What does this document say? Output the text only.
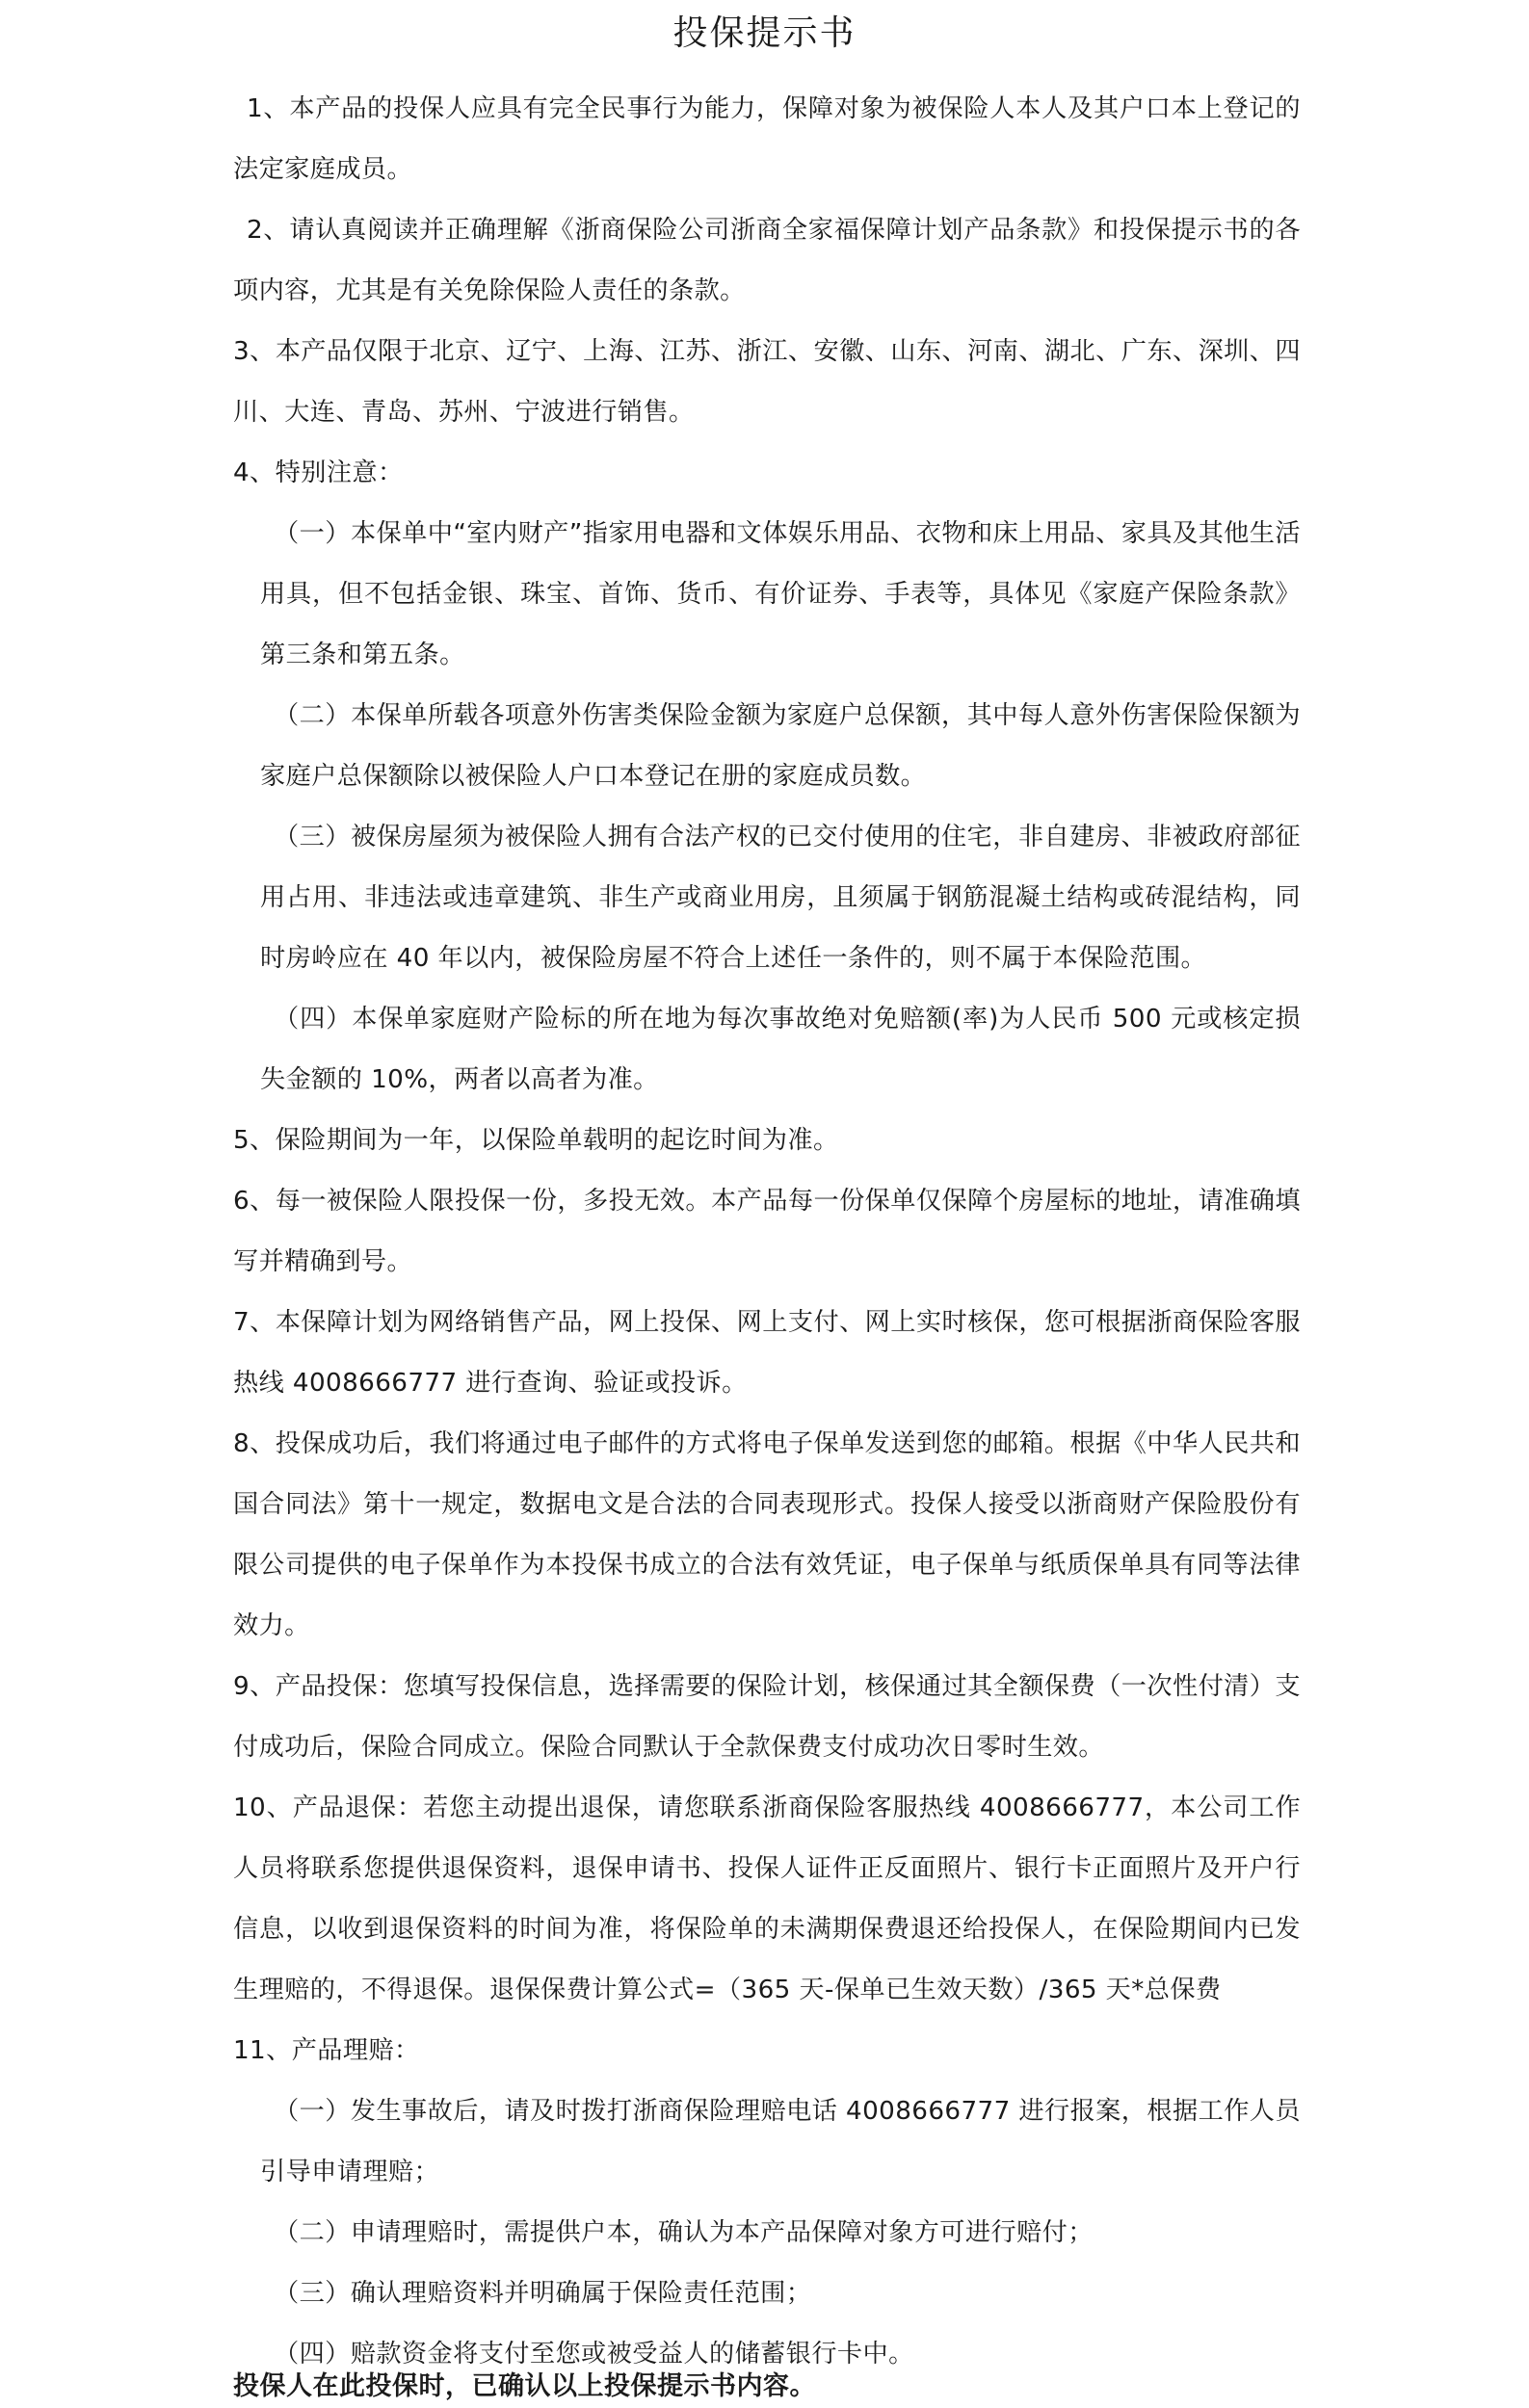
投保提示书

1、本产品的投保人应具有完全民事行为能力，保障对象为被保险人本人及其户口本上登记的法定家庭成员。

2、请认真阅读并正确理解《浙商保险公司浙商全家福保障计划产品条款》和投保提示书的各项内容，尤其是有关免除保险人责任的条款。

3、本产品仅限于北京、辽宁、上海、江苏、浙江、安徽、山东、河南、湖北、广东、深圳、四川、大连、青岛、苏州、宁波进行销售。

4、特别注意：

（一）本保单中“室内财产”指家用电器和文体娱乐用品、衣物和床上用品、家具及其他生活用具，但不包括金银、珠宝、首饰、货币、有价证券、手表等，具体见《家庭产保险条款》第三条和第五条。

（二）本保单所载各项意外伤害类保险金额为家庭户总保额，其中每人意外伤害保险保额为家庭户总保额除以被保险人户口本登记在册的家庭成员数。

（三）被保房屋须为被保险人拥有合法产权的已交付使用的住宅，非自建房、非被政府部征用占用、非违法或违章建筑、非生产或商业用房，且须属于钢筋混凝土结构或砖混结构，同时房岭应在 40 年以内，被保险房屋不符合上述任一条件的，则不属于本保险范围。

（四）本保单家庭财产险标的所在地为每次事故绝对免赔额(率)为人民币 500 元或核定损失金额的 10%，两者以高者为准。

5、保险期间为一年，以保险单载明的起讫时间为准。

6、每一被保险人限投保一份，多投无效。本产品每一份保单仅保障个房屋标的地址，请准确填写并精确到号。

7、本保障计划为网络销售产品，网上投保、网上支付、网上实时核保，您可根据浙商保险客服热线 4008666777 进行查询、验证或投诉。

8、投保成功后，我们将通过电子邮件的方式将电子保单发送到您的邮箱。根据《中华人民共和国合同法》第十一规定，数据电文是合法的合同表现形式。投保人接受以浙商财产保险股份有限公司提供的电子保单作为本投保书成立的合法有效凭证，电子保单与纸质保单具有同等法律效力。

9、产品投保：您填写投保信息，选择需要的保险计划，核保通过其全额保费（一次性付清）支付成功后，保险合同成立。保险合同默认于全款保费支付成功次日零时生效。

10、产品退保：若您主动提出退保，请您联系浙商保险客服热线 4008666777，本公司工作人员将联系您提供退保资料，退保申请书、投保人证件正反面照片、银行卡正面照片及开户行信息，以收到退保资料的时间为准，将保险单的未满期保费退还给投保人，在保险期间内已发生理赔的，不得退保。退保保费计算公式=（365 天-保单已生效天数）/365 天*总保费

11、产品理赔：

（一）发生事故后，请及时拨打浙商保险理赔电话 4008666777 进行报案，根据工作人员引导申请理赔；

（二）申请理赔时，需提供户本，确认为本产品保障对象方可进行赔付；

（三）确认理赔资料并明确属于保险责任范围；

（四）赔款资金将支付至您或被受益人的储蓄银行卡中。

投保人在此投保时，已确认以上投保提示书内容。
